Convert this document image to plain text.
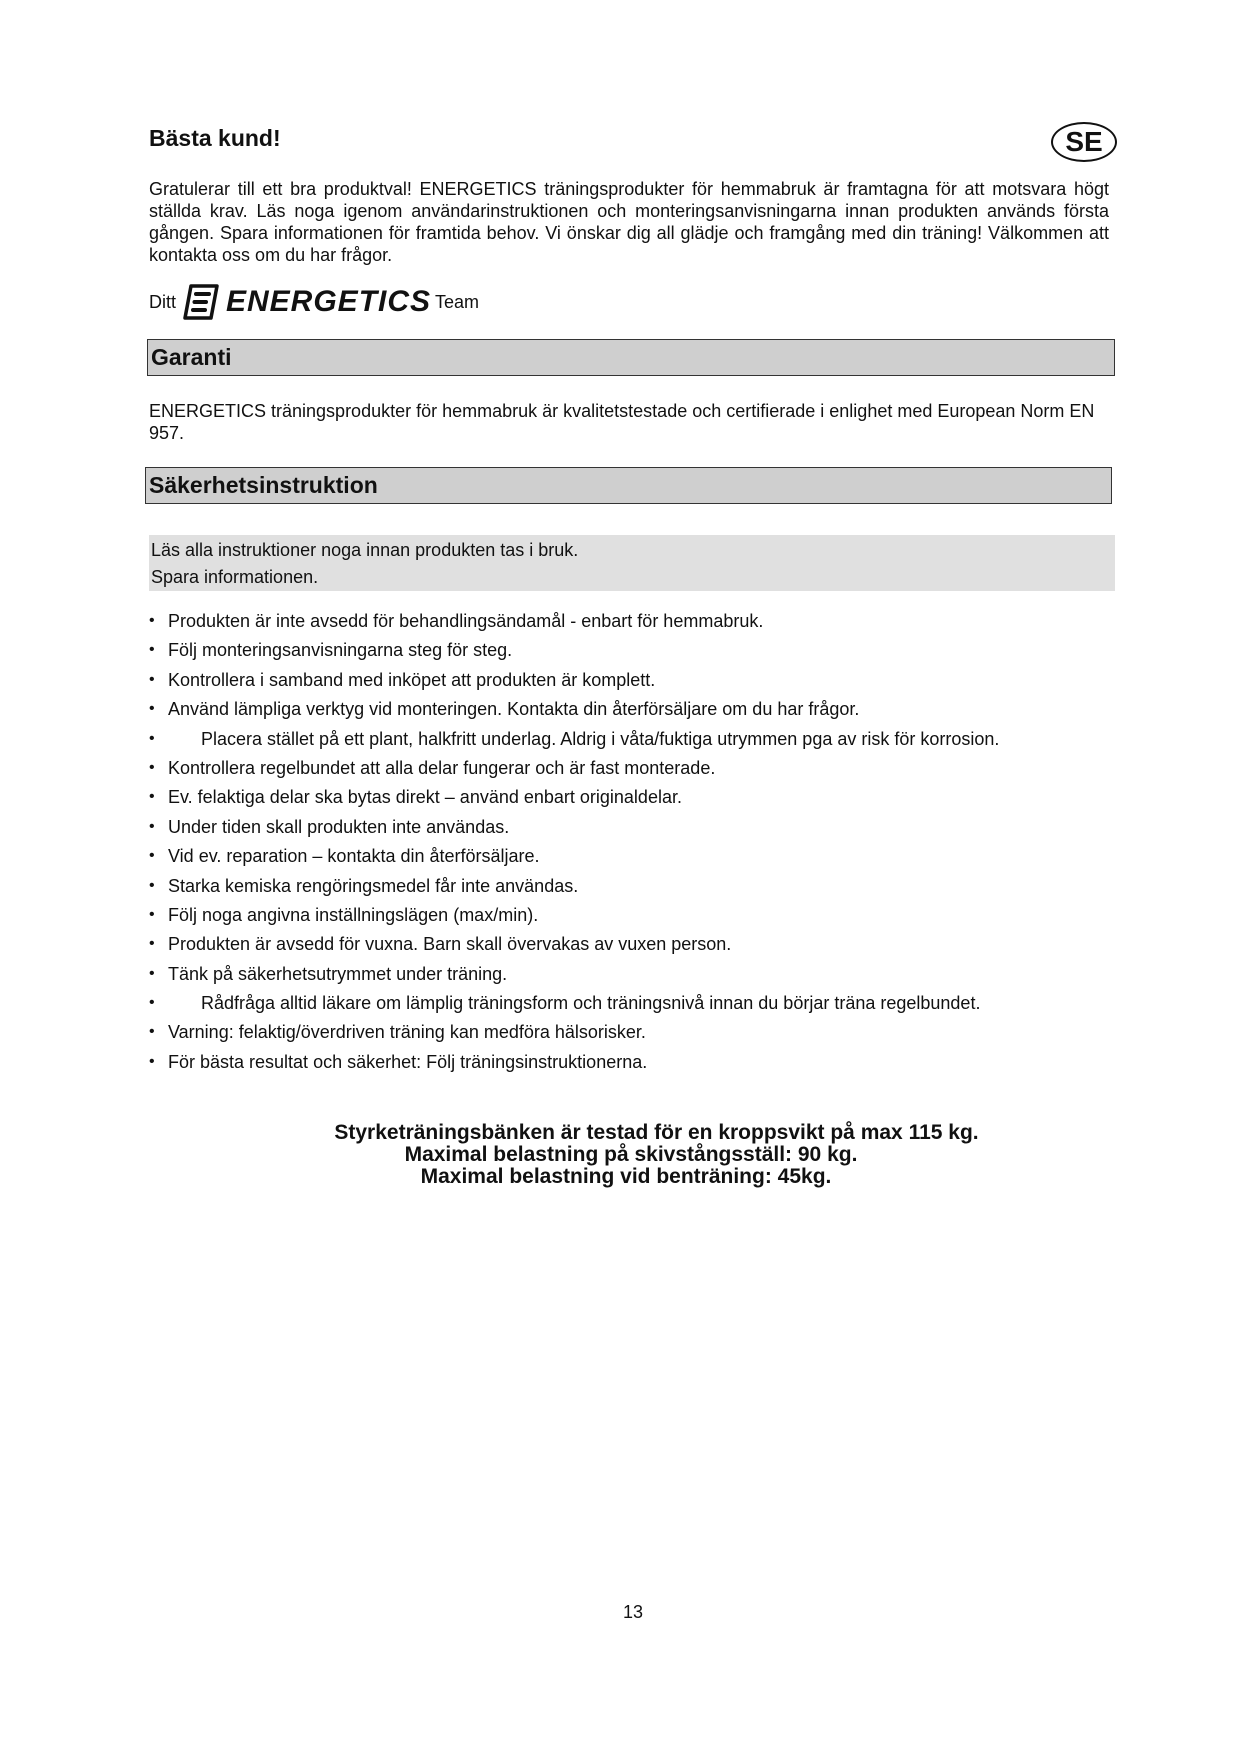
Bästa kund!	SE
Gratulerar till ett bra produktval! ENERGETICS träningsprodukter för hemmabruk är framtagna för att motsvara högt ställda krav. Läs noga igenom användarinstruktionen och monteringsanvisningarna innan produkten används första gången. Spara informationen för framtida behov. Vi önskar dig all glädje och framgång med din träning! Välkommen att kontakta oss om du har frågor.
Ditt ENERGETICS Team
Garanti
ENERGETICS träningsprodukter för hemmabruk är kvalitetstestade och certifierade i enlighet med European Norm EN 957.
Säkerhetsinstruktion
Läs alla instruktioner noga innan produkten tas i bruk.
Spara informationen.
• Produkten är inte avsedd för behandlingsändamål - enbart för hemmabruk.
• Följ monteringsanvisningarna steg för steg.
• Kontrollera i samband med inköpet att produkten är komplett.
• Använd lämpliga verktyg vid monteringen. Kontakta din återförsäljare om du har frågor.
•	Placera stället på ett plant, halkfritt underlag. Aldrig i våta/fuktiga utrymmen pga av risk för korrosion.
• Kontrollera regelbundet att alla delar fungerar och är fast monterade.
• Ev. felaktiga delar ska bytas direkt – använd enbart originaldelar.
• Under tiden skall produkten inte användas.
• Vid ev. reparation – kontakta din återförsäljare.
• Starka kemiska rengöringsmedel får inte användas.
• Följ noga angivna inställningslägen (max/min).
• Produkten är avsedd för vuxna. Barn skall övervakas av vuxen person.
• Tänk på säkerhetsutrymmet under träning.
•	Rådfråga alltid läkare om lämplig träningsform och träningsnivå innan du börjar träna regelbundet.
• Varning: felaktig/överdriven träning kan medföra hälsorisker.
• För bästa resultat och säkerhet: Följ träningsinstruktionerna.
Styrketräningsbänken är testad för en kroppsvikt på max 115 kg.
Maximal belastning på skivstångsställ: 90 kg.
Maximal belastning vid benträning: 45kg.
13
